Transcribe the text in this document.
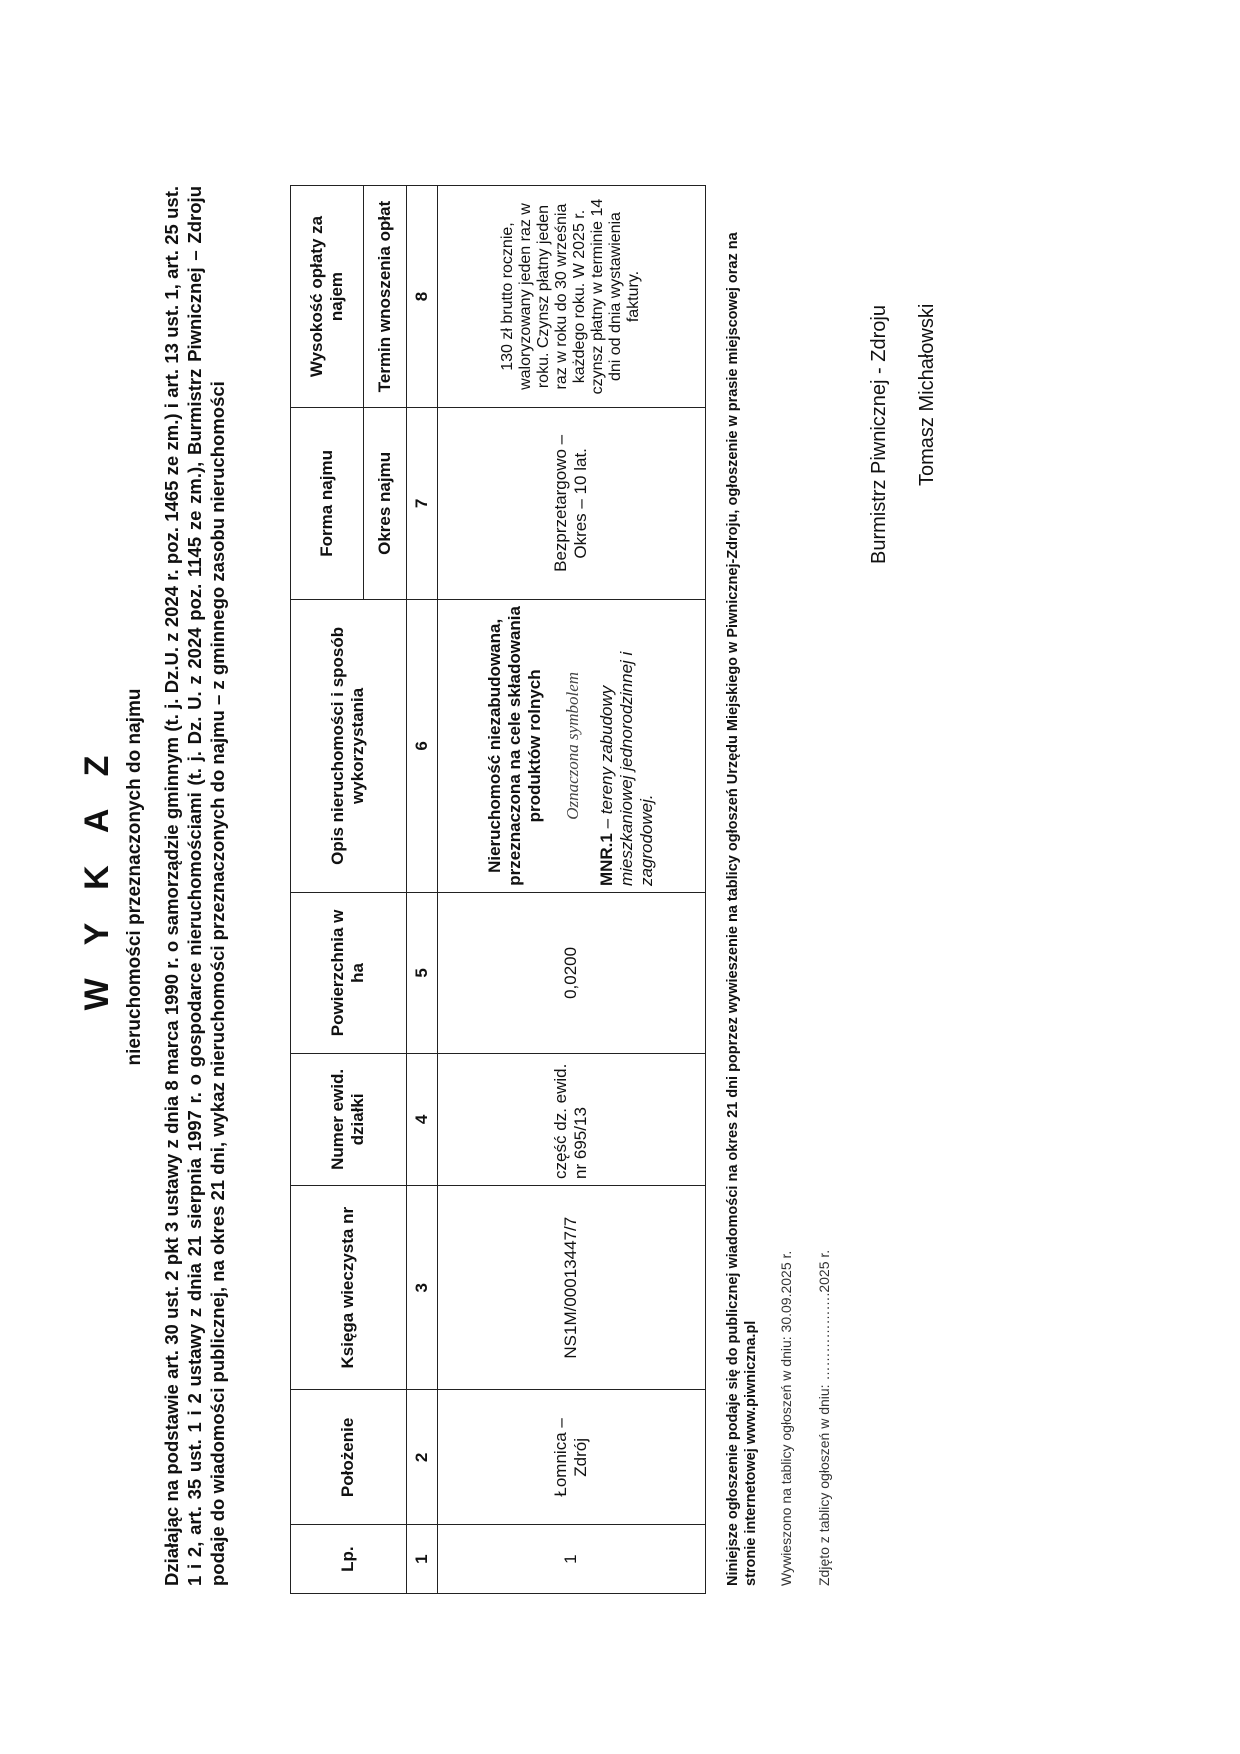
W Y K A Z nieruchomości przeznaczonych do najmu Działając na podstawie art. 30 ust. 2 pkt 3 ustawy z dnia 8 marca 1990 r. o samorządzie gminnym (t. j. Dz.U. z 2024 r. poz. 1465 ze zm.) i art. 13 ust. 1, art. 25 ust. 1 i 2, art. 35 ust. 1 i 2 ustawy z dnia 21 sierpnia 1997 r. o gospodarce nieruchomościami (t. j. Dz. U. z 2024 poz. 1145 ze zm.), Burmistrz Piwnicznej – Zdroju podaje do wiadomości publicznej, na okres 21 dni, wykaz nieruchomości przeznaczonych do najmu – z gminnego zasobu nieruchomości	Lp.	Położenie	Księga wieczysta nr	Numer ewid. działki	Powierzchnia w ha	Opis nieruchomości i sposób wykorzystania	Forma najmu	Wysokość opłaty za najem
						Okres najmu	Termin wnoszenia opłat
1	2	3	4	5	6	7	8
1	Łomnica – Zdrój	NS1M/00013447/7	część dz. ewid. nr 695/13	0,0200	Nieruchomość niezabudowana, przeznaczona na cele składowania produktów rolnych Oznaczona symbolem
MNR.1 – tereny zabudowy mieszkaniowej jednorodzinnej i zagrodowej.	Bezprzetargowo – Okres – 10 lat.	130 zł brutto rocznie, waloryzowany jeden raz w roku. Czynsz płatny jeden raz w roku do 30 września każdego roku. W 2025 r. czynsz płatny w terminie 14 dni od dnia wystawienia faktury.	Niniejsze ogłoszenie podaje się do publicznej wiadomości na okres 21 dni poprzez wywieszenie na tablicy ogłoszeń Urzędu Miejskiego w Piwnicznej-Zdroju, ogłoszenie w prasie miejscowej oraz na stronie internetowej www.piwniczna.pl Wywieszono na tablicy ogłoszeń w dniu: 30.09.2025 r. Zdjęto z tablicy ogłoszeń w dniu: ……………….2025 r.
Burmistrz Piwnicznej - Zdroju Tomasz Michałowski
